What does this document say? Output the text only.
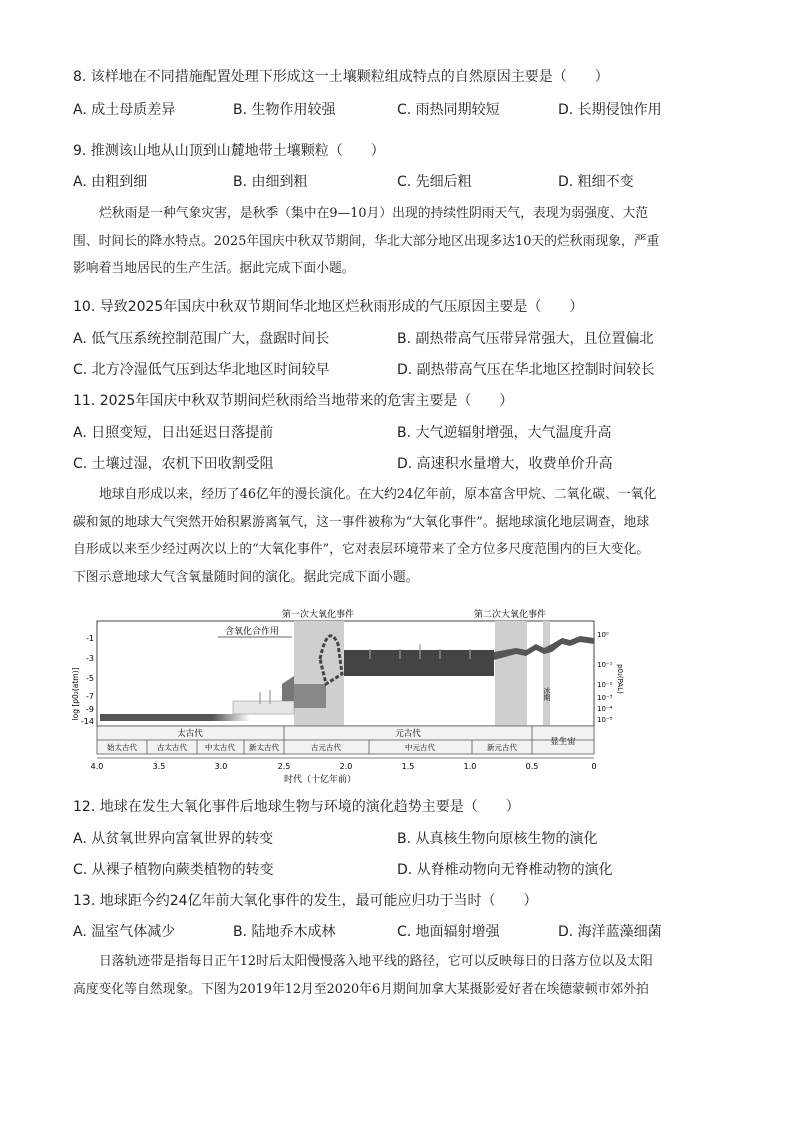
8. 该样地在不同措施配置处理下形成这一土壤颗粒组成特点的自然原因主要是（　　）
A. 成土母质差异	B. 生物作用较强	C. 雨热同期较短	D. 长期侵蚀作用
9. 推测该山地从山顶到山麓地带土壤颗粒（　　）
A. 由粗到细	B. 由细到粗	C. 先细后粗	D. 粗细不变
烂秋雨是一种气象灾害，是秋季（集中在9—10月）出现的持续性阴雨天气，表现为弱强度、大范
围、时间长的降水特点。2025年国庆中秋双节期间，华北大部分地区出现多达10天的烂秋雨现象，严重
影响着当地居民的生产生活。据此完成下面小题。
10. 导致2025年国庆中秋双节期间华北地区烂秋雨形成的气压原因主要是（　　）
A. 低气压系统控制范围广大，盘踞时间长	B. 副热带高气压带异常强大，且位置偏北
C. 北方冷湿低气压到达华北地区时间较早	D. 副热带高气压在华北地区控制时间较长
11. 2025年国庆中秋双节期间烂秋雨给当地带来的危害主要是（　　）
A. 日照变短，日出延迟日落提前	B. 大气逆辐射增强，大气温度升高
C. 土壤过湿，农机下田收割受阻	D. 高速积水量增大，收费单价升高
地球自形成以来，经历了46亿年的漫长演化。在大约24亿年前，原本富含甲烷、二氧化碳、一氧化
碳和氮的地球大气突然开始积累游离氧气，这一事件被称为“大氧化事件”。据地球演化地层调查，地球
自形成以来至少经过两次以上的“大氧化事件”，它对表层环境带来了全方位多尺度范围内的巨大变化。
下图示意地球大气含氧量随时间的演化。据此完成下面小题。
第一次大氧化事件	第二次大氧化事件
含氧化合作用
冰期
-1
-3
-5
-7
-9
-14
log [p0₂(atm)]
10⁰
10⁻¹
10⁻²
10⁻³
10⁻⁴
10⁻⁵
p0₂(PAL)
太古代	元古代
显生宙
始太古代	古太古代 中太古代 新太古代	古元古代	中元古代	新元古代
4.0	3.5	3.0	2.5	2.0	1.5	1.0	0.5	0
时代（十亿年前）
12. 地球在发生大氧化事件后地球生物与环境的演化趋势主要是（　　）
A. 从贫氧世界向富氧世界的转变	B. 从真核生物向原核生物的演化
C. 从裸子植物向蕨类植物的转变	D. 从脊椎动物向无脊椎动物的演化
13. 地球距今约24亿年前大氧化事件的发生，最可能应归功于当时（　　）
A. 温室气体减少	B. 陆地乔木成林	C. 地面辐射增强	D. 海洋蓝藻细菌
日落轨迹带是指每日正午12时后太阳慢慢落入地平线的路径，它可以反映每日的日落方位以及太阳
高度变化等自然现象。下图为2019年12月至2020年6月期间加拿大某摄影爱好者在埃德蒙顿市郊外拍
